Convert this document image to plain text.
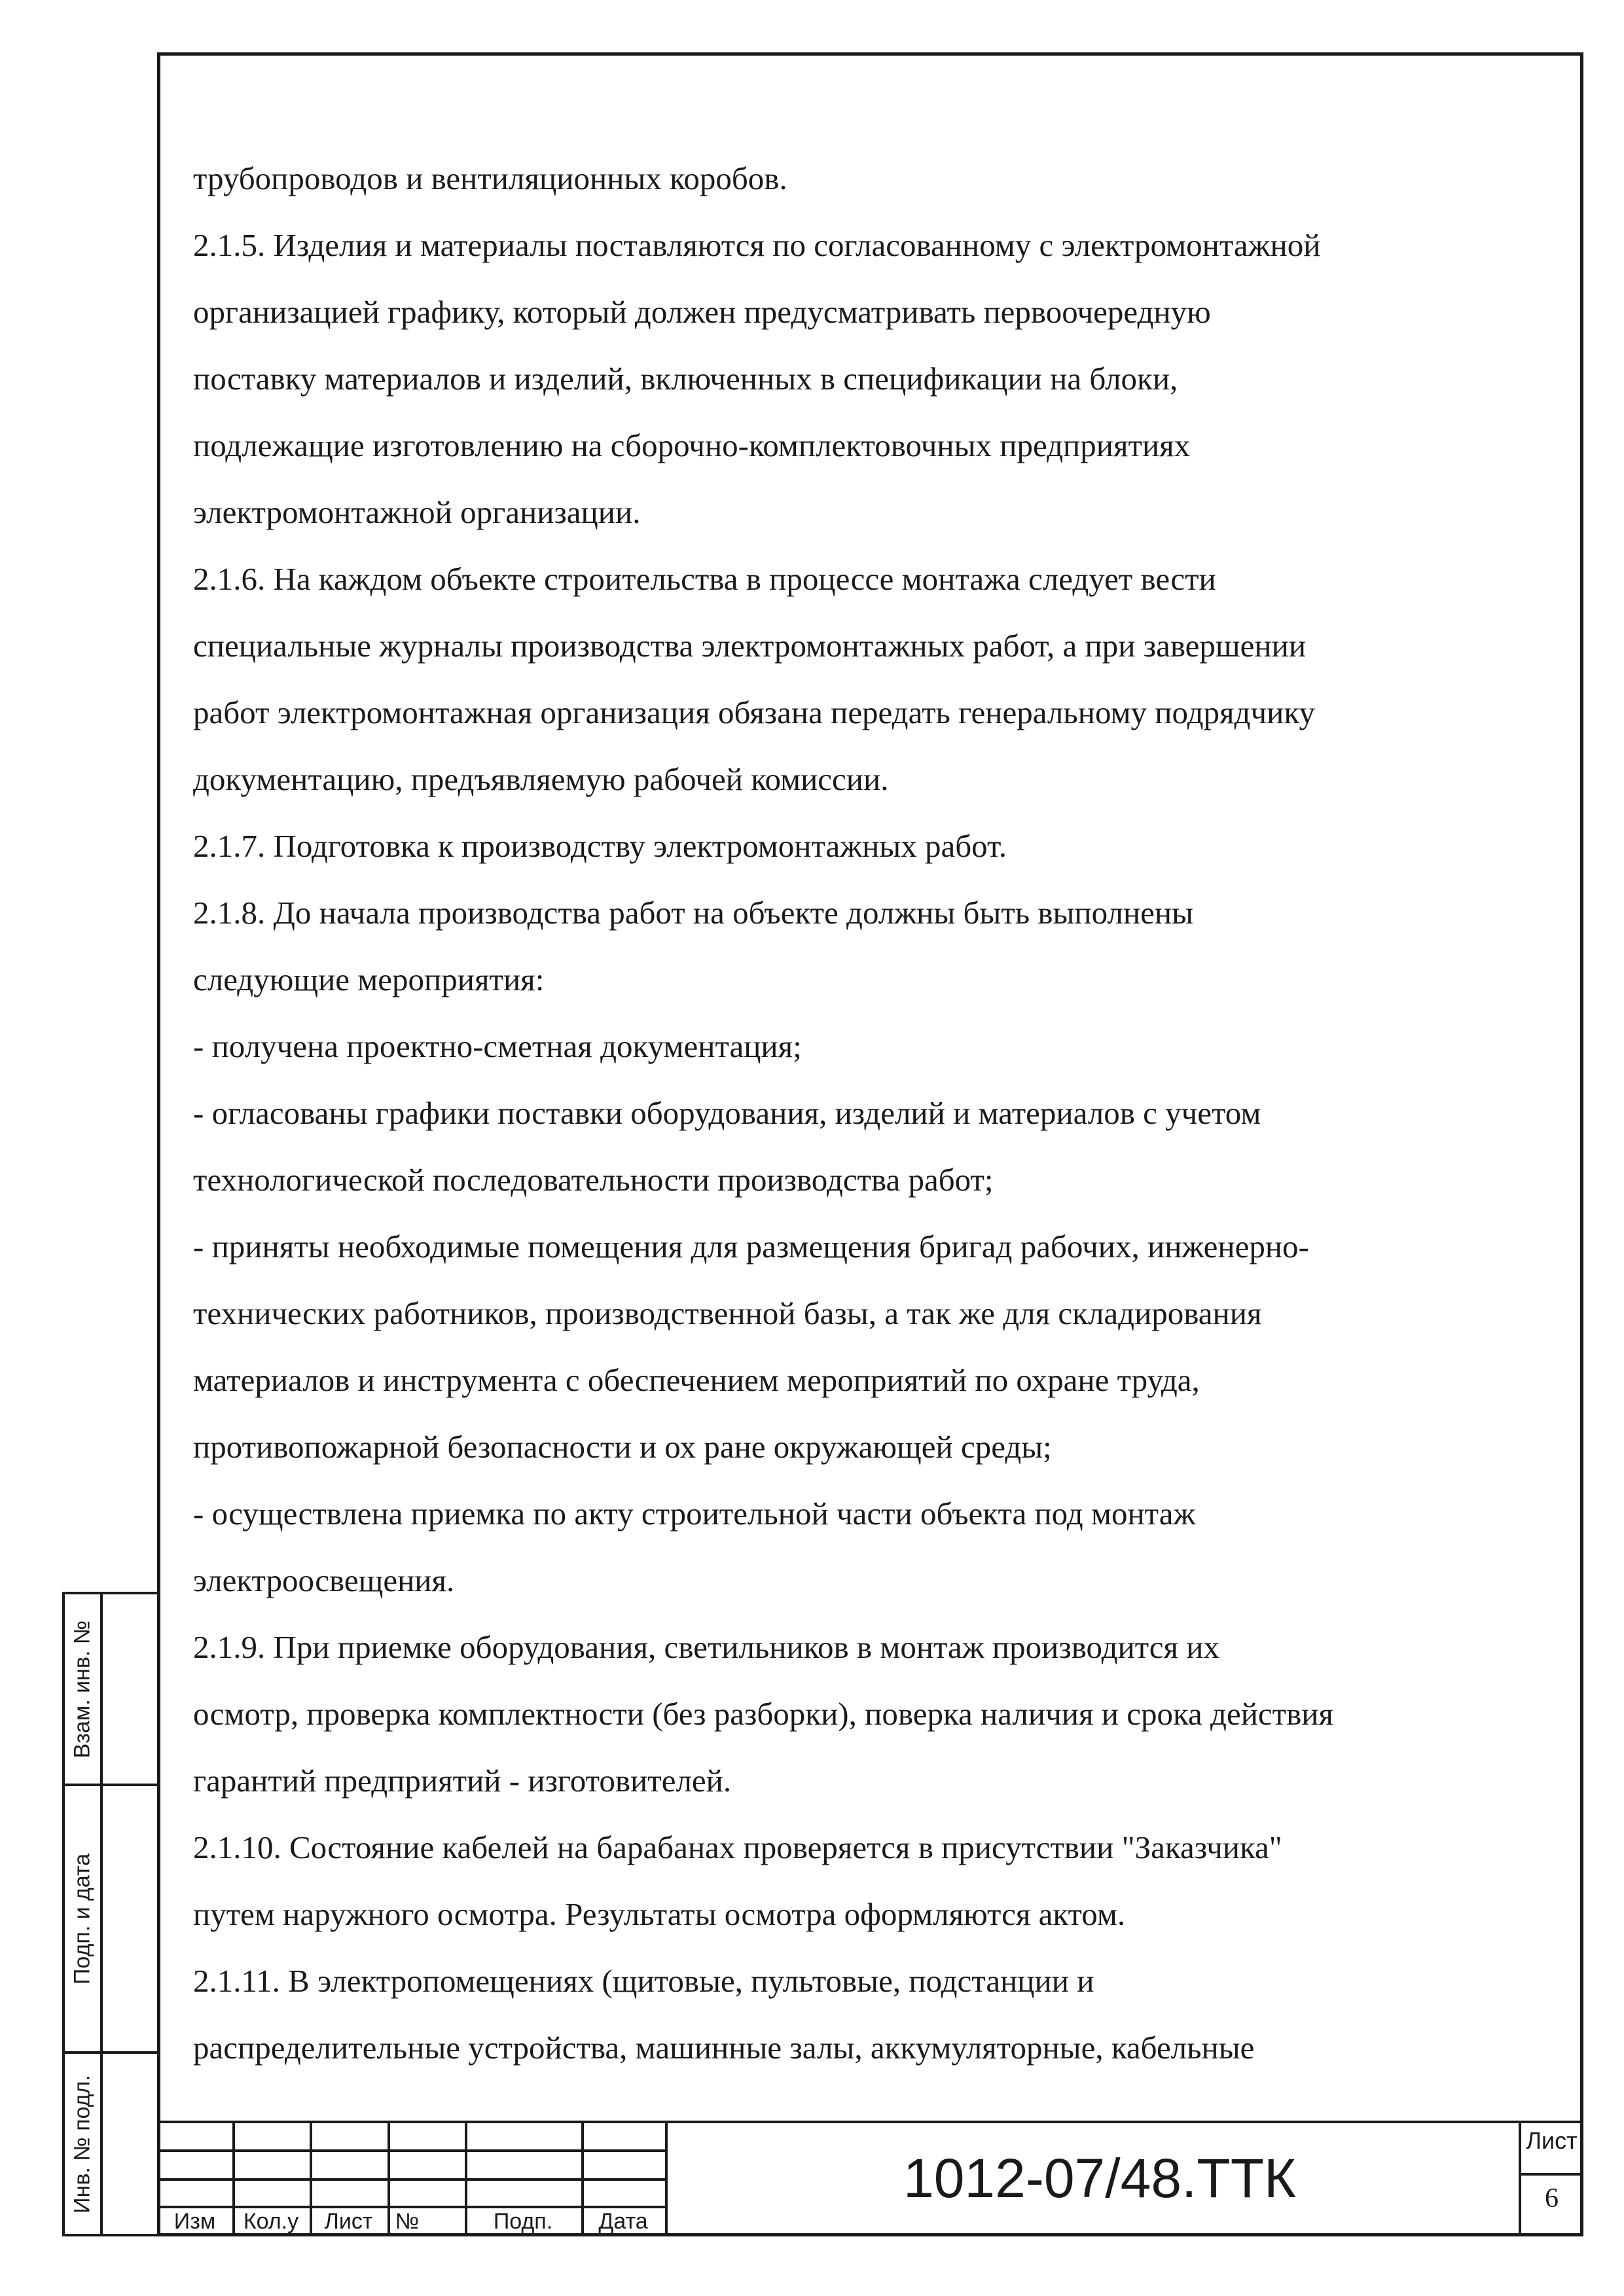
трубопроводов и вентиляционных коробов.
2.1.5. Изделия и материалы поставляются по согласованному с электромонтажной
организацией графику, который должен предусматривать первоочередную
поставку материалов и изделий, включенных в спецификации на блоки,
подлежащие изготовлению на сборочно-комплектовочных предприятиях
электромонтажной организации.
2.1.6. На каждом объекте строительства в процессе монтажа следует вести
специальные журналы производства электромонтажных работ, а при завершении
работ электромонтажная организация обязана передать генеральному подрядчику
документацию, предъявляемую рабочей комиссии.
2.1.7. Подготовка к производству электромонтажных работ.
2.1.8. До начала производства работ на объекте должны быть выполнены
следующие мероприятия:
- получена проектно-сметная документация;
- огласованы графики поставки оборудования, изделий и материалов с учетом
технологической последовательности производства работ;
- приняты необходимые помещения для размещения бригад рабочих, инженерно-
технических работников, производственной базы, а так же для складирования
материалов и инструмента с обеспечением мероприятий по охране труда,
противопожарной безопасности и ох ране окружающей среды;
- осуществлена приемка по акту строительной части объекта под монтаж
электроосвещения.
2.1.9. При приемке оборудования, светильников в монтаж производится их
осмотр, проверка комплектности (без разборки), поверка наличия и срока действия
гарантий предприятий - изготовителей.
2.1.10. Состояние кабелей на барабанах проверяется в присутствии "Заказчика"
путем наружного осмотра. Результаты осмотра оформляются актом.
2.1.11. В электропомещениях (щитовые, пультовые, подстанции и
распределительные устройства, машинные залы, аккумуляторные, кабельные
Взам. инв. №
Подп. и дата
Инв. № подл.
Изм	Кол.у	Лист	№	Подп.	Дата
1012-07/48.ТТК
Лист
6
